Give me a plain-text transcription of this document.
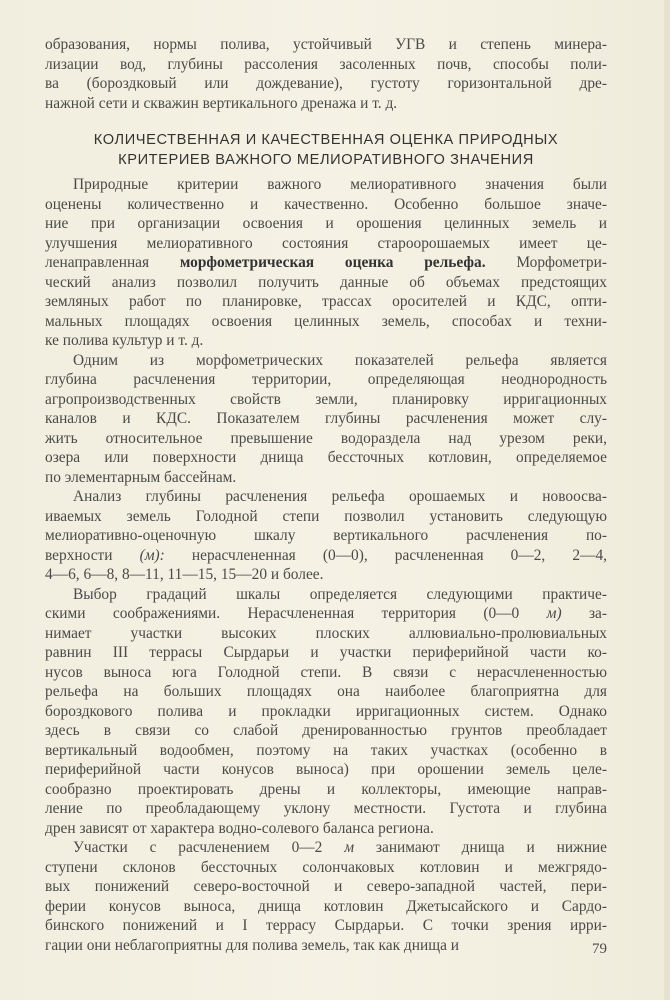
образования, нормы полива, устойчивый УГВ и степень минера-
лизации вод, глубины рассоления засоленных почв, способы поли-
ва (бороздковый или дождевание), густоту горизонтальной дре-
нажной сети и скважин вертикального дренажа и т. д.
КОЛИЧЕСТВЕННАЯ И КАЧЕСТВЕННАЯ ОЦЕНКА ПРИРОДНЫХ
КРИТЕРИЕВ ВАЖНОГО МЕЛИОРАТИВНОГО ЗНАЧЕНИЯ
Природные критерии важного мелиоративного значения были
оценены количественно и качественно. Особенно большое значе-
ние при организации освоения и орошения целинных земель и
улучшения мелиоративного состояния староорошаемых имеет це-
ленаправленная морфометрическая оценка рельефа. Морфометри-
ческий анализ позволил получить данные об объемах предстоящих
земляных работ по планировке, трассах оросителей и КДС, опти-
мальных площадях освоения целинных земель, способах и техни-
ке полива культур и т. д.
Одним из морфометрических показателей рельефа является
глубина расчленения территории, определяющая неоднородность
агропроизводственных свойств земли, планировку ирригационных
каналов и КДС. Показателем глубины расчленения может слу-
жить относительное превышение водораздела над урезом реки,
озера или поверхности днища бессточных котловин, определяемое
по элементарным бассейнам.
Анализ глубины расчленения рельефа орошаемых и новоосва-
иваемых земель Голодной степи позволил установить следующую
мелиоративно-оценочную шкалу вертикального расчленения по-
верхности (м): нерасчлененная (0—0), расчлененная 0—2, 2—4,
4—6, 6—8, 8—11, 11—15, 15—20 и более.
Выбор градаций шкалы определяется следующими практиче-
скими соображениями. Нерасчлененная территория (0—0 м) за-
нимает участки высоких плоских аллювиально-пролювиальных
равнин III террасы Сырдарьи и участки периферийной части ко-
нусов выноса юга Голодной степи. В связи с нерасчлененностью
рельефа на больших площадях она наиболее благоприятна для
бороздкового полива и прокладки ирригационных систем. Однако
здесь в связи со слабой дренированностью грунтов преобладает
вертикальный водообмен, поэтому на таких участках (особенно в
периферийной части конусов выноса) при орошении земель целе-
сообразно проектировать дрены и коллекторы, имеющие направ-
ление по преобладающему уклону местности. Густота и глубина
дрен зависят от характера водно-солевого баланса региона.
Участки с расчленением 0—2 м занимают днища и нижние
ступени склонов бессточных солончаковых котловин и межгрядо-
вых понижений северо-восточной и северо-западной частей, пери-
ферии конусов выноса, днища котловин Джетысайского и Сардо-
бинского понижений и I террасу Сырдарьи. С точки зрения ирри-
гации они неблагоприятны для полива земель, так как днища и	79
